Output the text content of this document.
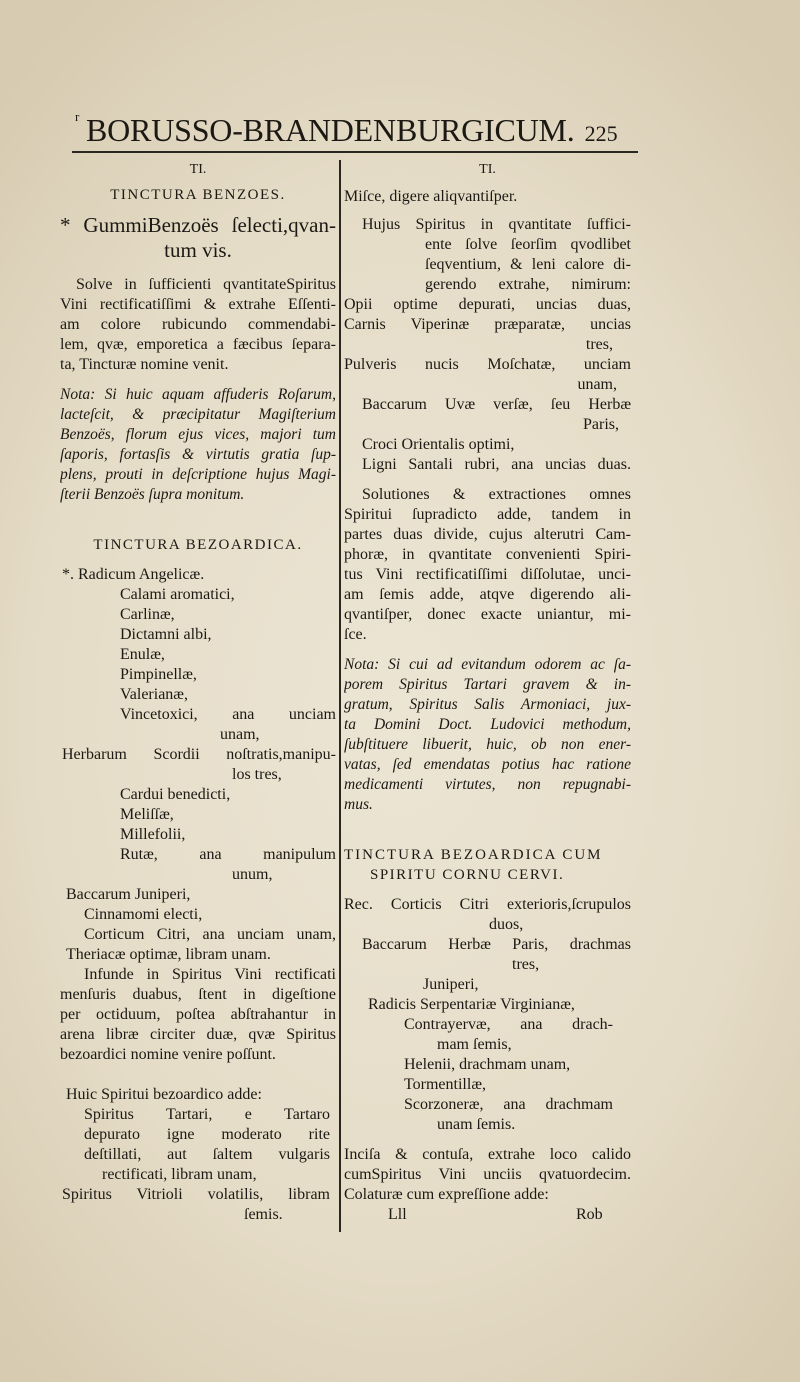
r BORUSSO-BRANDENBURGICUM. 225
TI.
TINCTURA BENZOES.
* GummiBenzoës ſelecti,qvan-
tum vis.
Solve in ſufficienti qvantitateSpiritus
Vini rectificatiſſimi & extrahe Eſſenti-
am colore rubicundo commendabi-
lem, qvæ, emporetica a fæcibus ſepara-
ta, Tincturæ nomine venit.
Nota: Si huic aquam affuderis Roſarum,
lacteſcit, & præcipitatur Magiſterium
Benzoës, florum ejus vices, majori tum
ſaporis, fortasſis & virtutis gratia ſup-
plens, prouti in deſcriptione hujus Magi-
ſterii Benzoës ſupra monitum.
TINCTURA BEZOARDICA.
*. Radicum Angelicæ.
Calami aromatici,
Carlinæ,
Dictamni albi,
Enulæ,
Pimpinellæ,
Valerianæ,
Vincetoxici, ana unciam
unam,
Herbarum Scordii noſtratis,manipu-
los tres,
Cardui benedicti,
Meliſſæ,
Millefolii,
Rutæ, ana manipulum
unum,
Baccarum Juniperi,
Cinnamomi electi,
Corticum Citri, ana unciam unam,
Theriacæ optimæ, libram unam.
Infunde in Spiritus Vini rectificati
menſuris duabus, ſtent in digeſtione
per octiduum, poſtea abſtrahantur in
arena libræ circiter duæ, qvæ Spiritus
bezoardici nomine venire poſſunt.
Huic Spiritui bezoardico adde:
Spiritus Tartari, e Tartaro
depurato igne moderato rite
deſtillati, aut ſaltem vulgaris
rectificati, libram unam,
Spiritus Vitrioli volatilis, libram
ſemis.
TI.
Miſce, digere aliqvantiſper.
Hujus Spiritus in qvantitate ſuffici-
ente ſolve ſeorſim qvodlibet
ſeqventium, & leni calore di-
gerendo extrahe, nimirum:
Opii optime depurati, uncias duas,
Carnis Viperinæ præparatæ, uncias
tres,
Pulveris nucis Moſchatæ, unciam
unam,
Baccarum Uvæ verſæ, ſeu Herbæ
Paris,
Croci Orientalis optimi,
Ligni Santali rubri, ana uncias duas.
Solutiones & extractiones omnes
Spiritui ſupradicto adde, tandem in
partes duas divide, cujus alterutri Cam-
phoræ, in qvantitate convenienti Spiri-
tus Vini rectificatiſſimi diſſolutae, unci-
am ſemis adde, atqve digerendo ali-
qvantiſper, donec exacte uniantur, mi-
ſce.
Nota: Si cui ad evitandum odorem ac ſa-
porem Spiritus Tartari gravem & in-
gratum, Spiritus Salis Armoniaci, jux-
ta Domini Doct. Ludovici methodum,
ſubſtituere libuerit, huic, ob non ener-
vatas, ſed emendatas potius hac ratione
medicamenti virtutes, non repugnabi-
mus.
TINCTURA BEZOARDICA CUM
SPIRITU CORNU CERVI.
Rec. Corticis Citri exterioris,ſcrupulos
duos,
Baccarum Herbæ Paris, drachmas
tres,
Juniperi,
Radicis Serpentariæ Virginianæ,
Contrayervæ, ana drach-
mam ſemis,
Helenii, drachmam unam,
Tormentillæ,
Scorzoneræ, ana drachmam
unam ſemis.
Inciſa & contuſa, extrahe loco calido
cumSpiritus Vini unciis qvatuordecim.
Colaturæ cum expreſſione adde:
Lll	Rob
